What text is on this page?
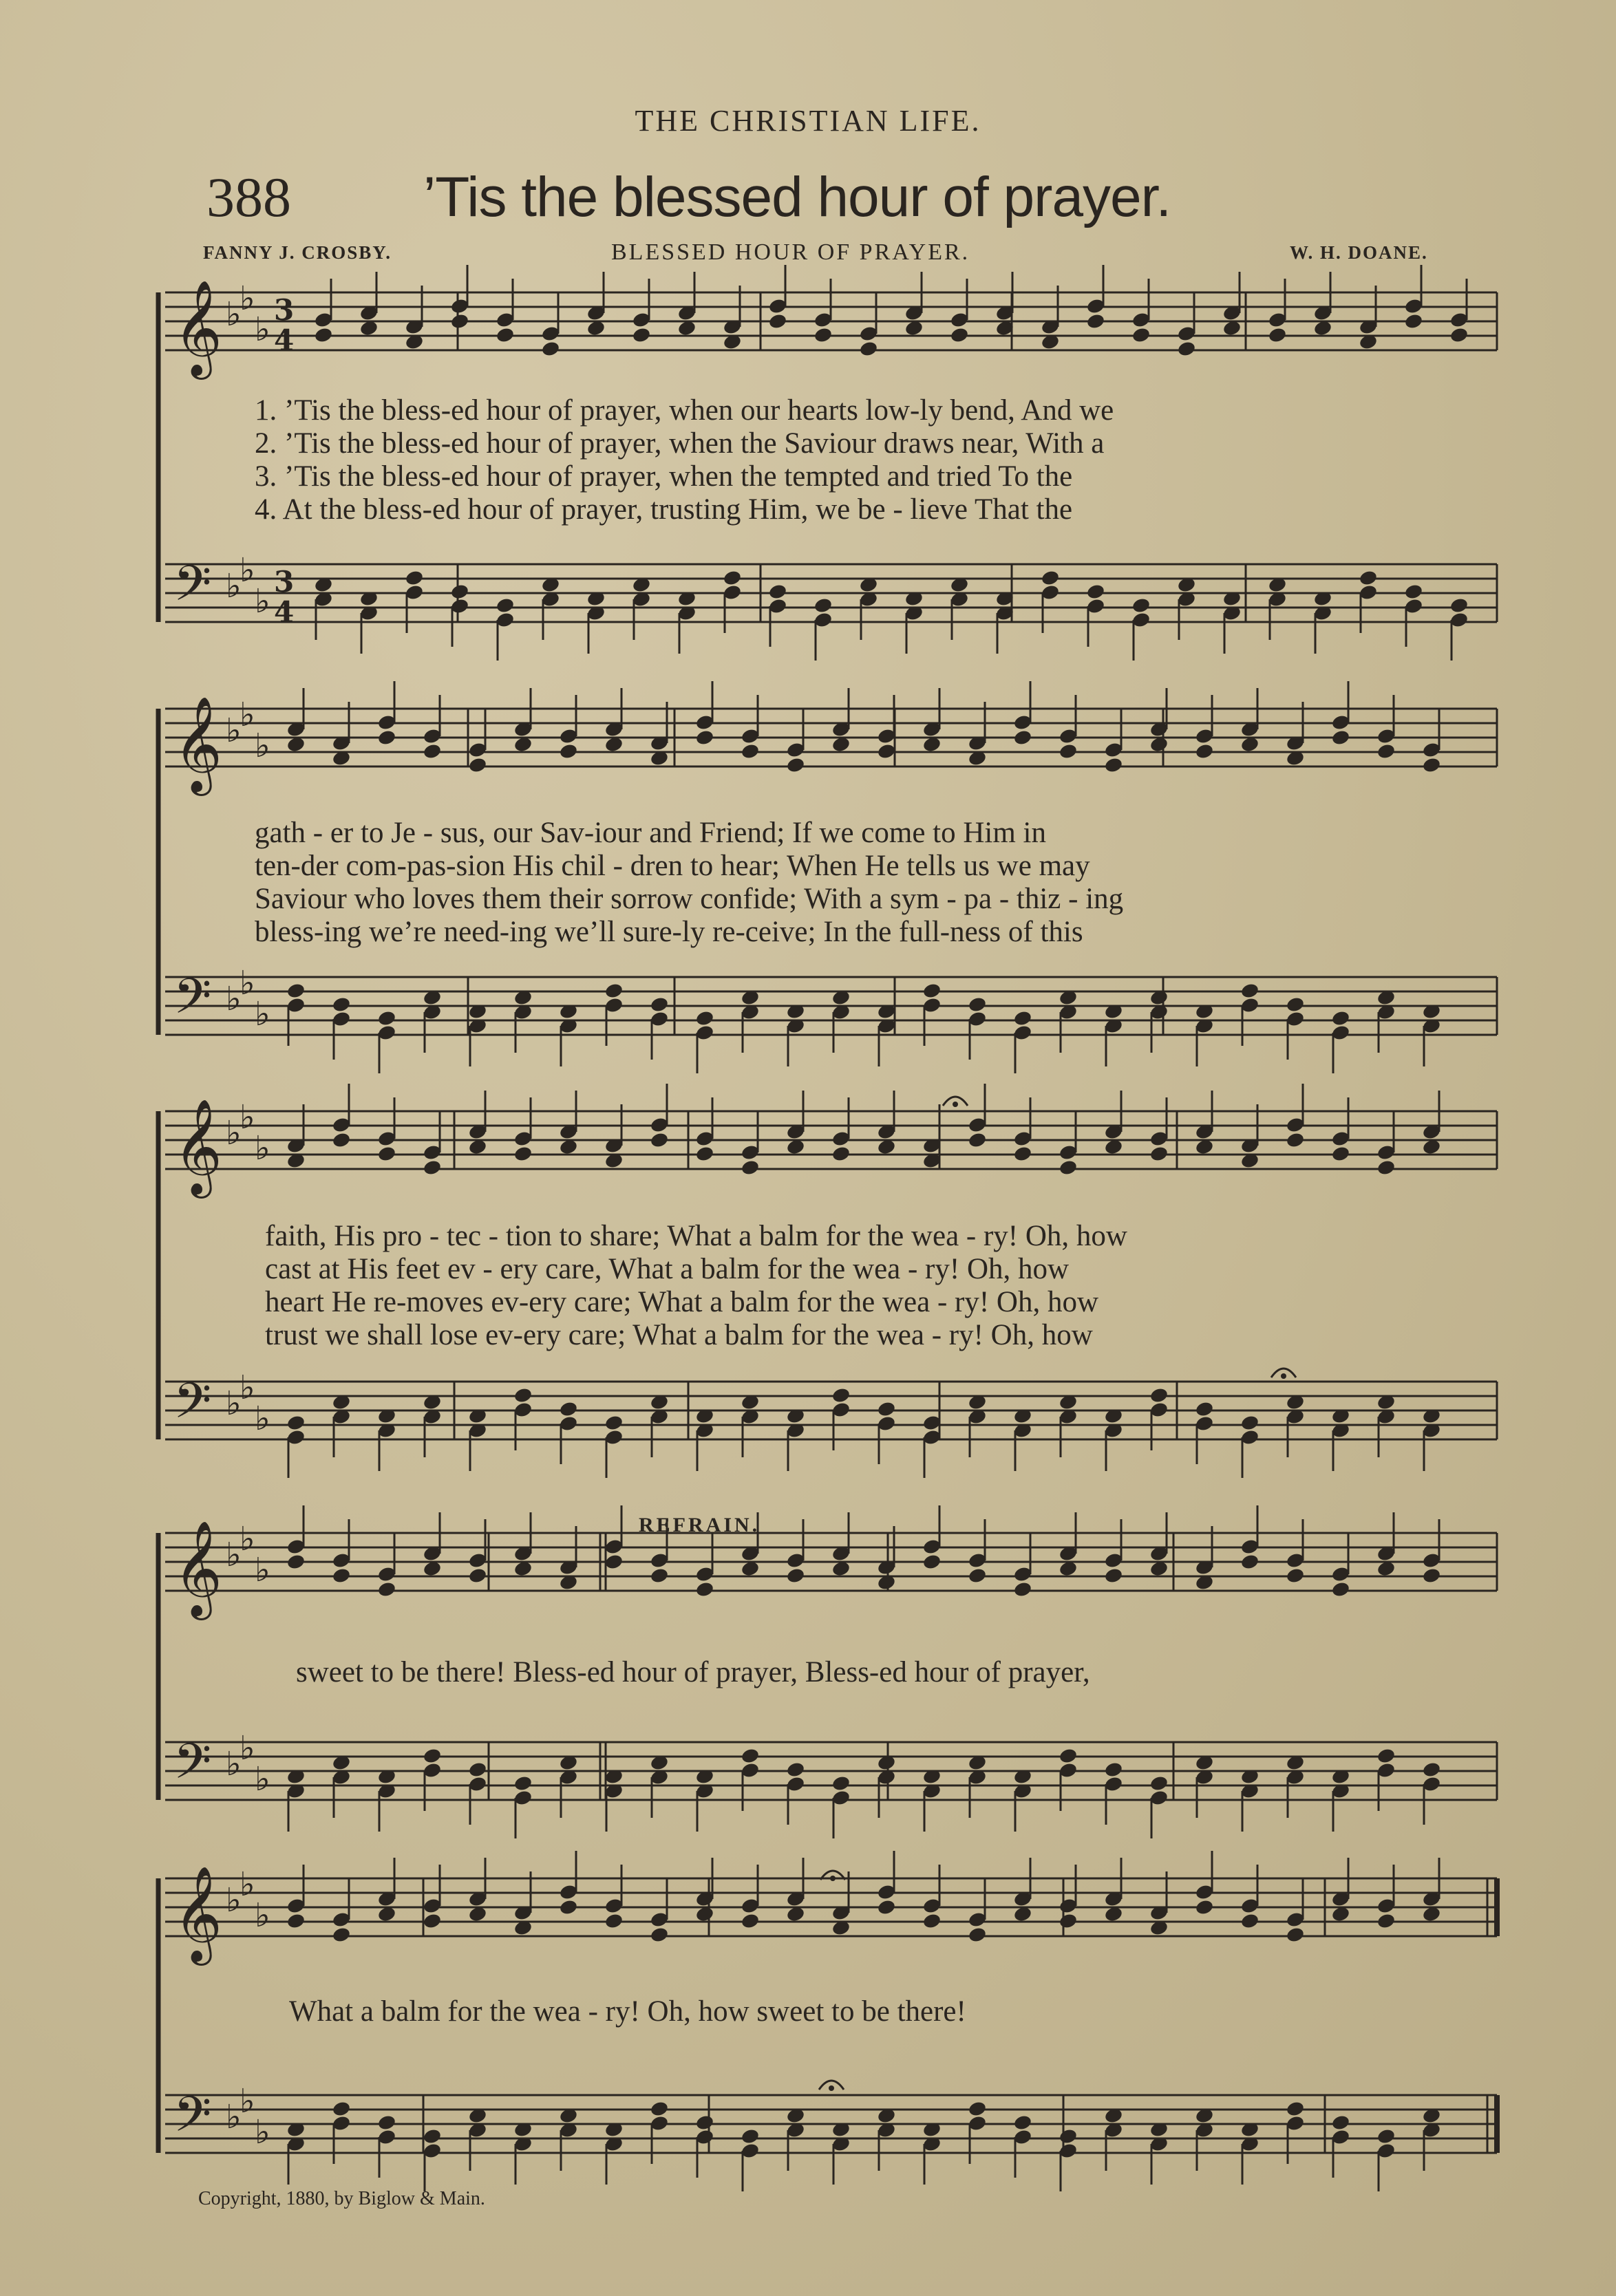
THE CHRISTIAN LIFE.
388 ’Tis the blessed hour of prayer.
FANNY J. CROSBY.	BLESSED HOUR OF PRAYER.	W. H. DOANE.
REFRAIN.
Copyright, 1880, by Biglow & Main.
1. ’Tis the bless-ed hour of prayer, when our hearts low-ly bend, And we
2. ’Tis the bless-ed hour of prayer, when the Saviour draws near, With a
3. ’Tis the bless-ed hour of prayer, when the tempted and tried To the
4. At the bless-ed hour of prayer, trusting Him, we be - lieve That the
gath - er to Je - sus, our Sav-iour and Friend; If we come to Him in
ten-der com-pas-sion His chil - dren to hear; When He tells us we may
Saviour who loves them their sorrow confide; With a sym - pa - thiz - ing
bless-ing we’re need-ing we’ll sure-ly re-ceive; In the full-ness of this
faith, His pro - tec - tion to share; What a balm for the wea - ry! Oh, how
cast at His feet ev - ery care, What a balm for the wea - ry! Oh, how
heart He re-moves ev-ery care; What a balm for the wea - ry! Oh, how
trust we shall lose ev-ery care; What a balm for the wea - ry! Oh, how
sweet to be there! Bless-ed hour of prayer, Bless-ed hour of prayer,
What a balm for the wea - ry! Oh, how sweet to be there!
𝄞 ♭
♭
♭
3
4
𝄢 ♭
♭
♭
3
4
𝄞 ♭
♭
♭
𝄢 ♭
♭
♭
𝄞 ♭
♭
♭
𝄢 ♭
♭
♭
𝄞 ♭
♭
♭
𝄢 ♭
♭
♭
𝄞 ♭
♭
♭
𝄢 ♭
♭
♭
